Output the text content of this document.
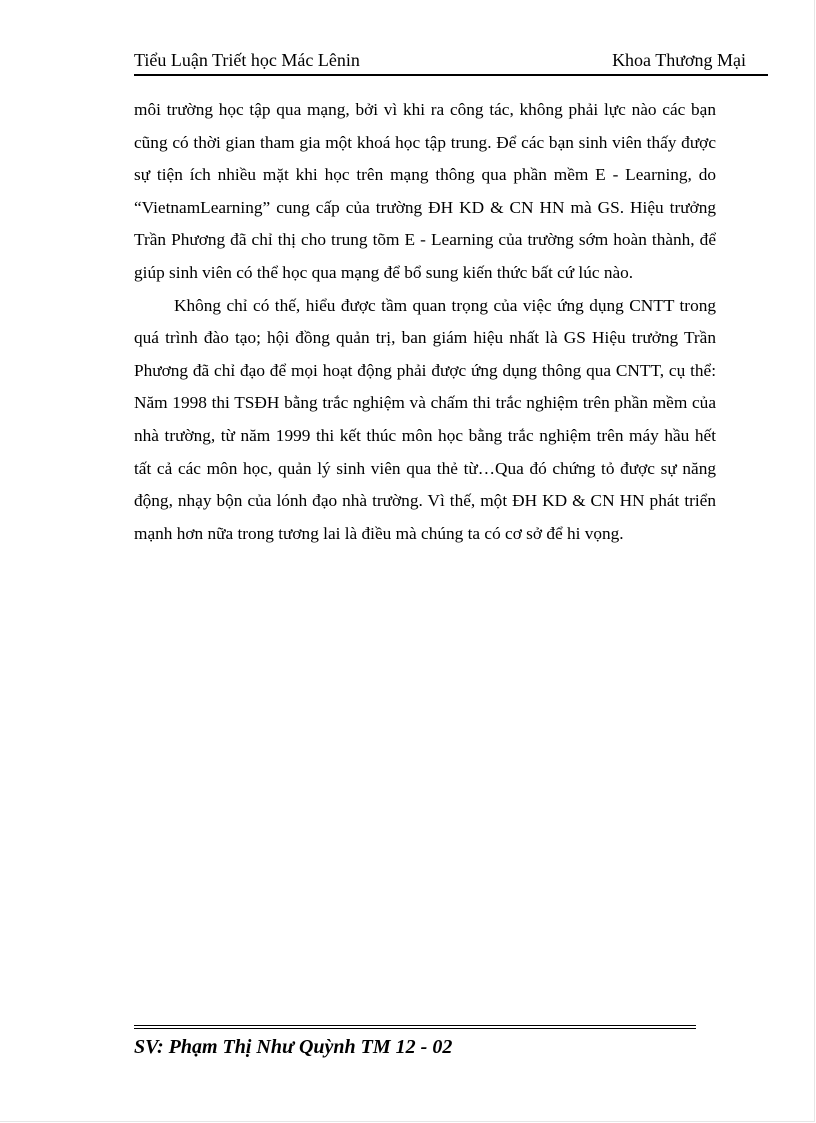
Tiểu Luận Triết học Mác Lênin	Khoa Thương Mại

môi trường học tập qua mạng, bởi vì khi ra công tác, không phải lực nào các bạn cũng có thời gian tham gia một khoá học tập trung. Để các bạn sinh viên thấy được sự tiện ích nhiều mặt khi học trên mạng thông qua phần mềm E - Learning, do “VietnamLearning” cung cấp của trường ĐH KD & CN HN mà GS. Hiệu trưởng Trần Phương đã chỉ thị cho trung tõm E - Learning của trường sớm hoàn thành, để giúp sinh viên có thể học qua mạng để bổ sung kiến thức bất cứ lúc nào.

Không chỉ có thế, hiểu được tầm quan trọng của việc ứng dụng CNTT trong quá trình đào tạo; hội đồng quản trị, ban giám hiệu nhất là GS Hiệu trưởng Trần Phương đã chỉ đạo để mọi hoạt động phải được ứng dụng thông qua CNTT, cụ thể: Năm 1998 thi TSĐH bằng trắc nghiệm và chấm thi trắc nghiệm trên phần mềm của nhà trường, từ năm 1999 thi kết thúc môn học bằng trắc nghiệm trên máy hầu hết tất cả các môn học, quản lý sinh viên qua thẻ từ…Qua đó chứng tỏ được sự năng động, nhạy bộn của lónh đạo nhà trường. Vì thế, một ĐH KD & CN HN phát triển mạnh hơn nữa trong tương lai là điều mà chúng ta có cơ sở để hi vọng.

SV: Phạm Thị Như Quỳnh TM 12 - 02
